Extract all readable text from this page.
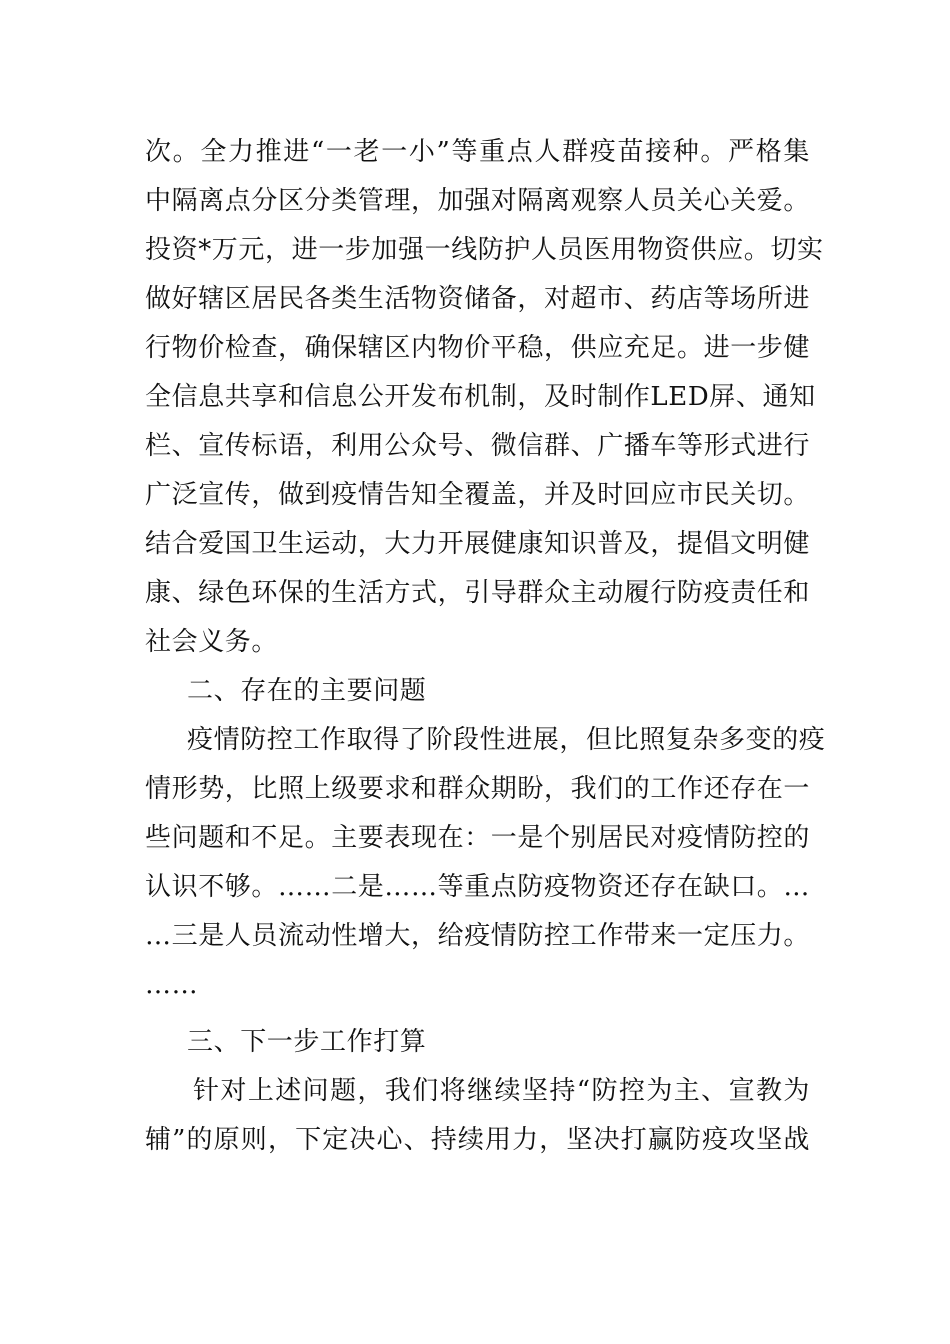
次。全力推进“一老一小”等重点人群疫苗接种。严格集
中隔离点分区分类管理，加强对隔离观察人员关心关爱。
投资*万元，进一步加强一线防护人员医用物资供应。切实
做好辖区居民各类生活物资储备，对超市、药店等场所进
行物价检查，确保辖区内物价平稳，供应充足。进一步健
全信息共享和信息公开发布机制，及时制作LED屏、通知
栏、宣传标语，利用公众号、微信群、广播车等形式进行
广泛宣传，做到疫情告知全覆盖，并及时回应市民关切。
结合爱国卫生运动，大力开展健康知识普及，提倡文明健
康、绿色环保的生活方式，引导群众主动履行防疫责任和
社会义务。
二、存在的主要问题
疫情防控工作取得了阶段性进展，但比照复杂多变的疫
情形势，比照上级要求和群众期盼，我们的工作还存在一
些问题和不足。主要表现在：一是个别居民对疫情防控的
认识不够。……二是……等重点防疫物资还存在缺口。…
…三是人员流动性增大，给疫情防控工作带来一定压力。
……
三、下一步工作打算
针对上述问题，我们将继续坚持“防控为主、宣教为
辅”的原则，下定决心、持续用力，坚决打赢防疫攻坚战
